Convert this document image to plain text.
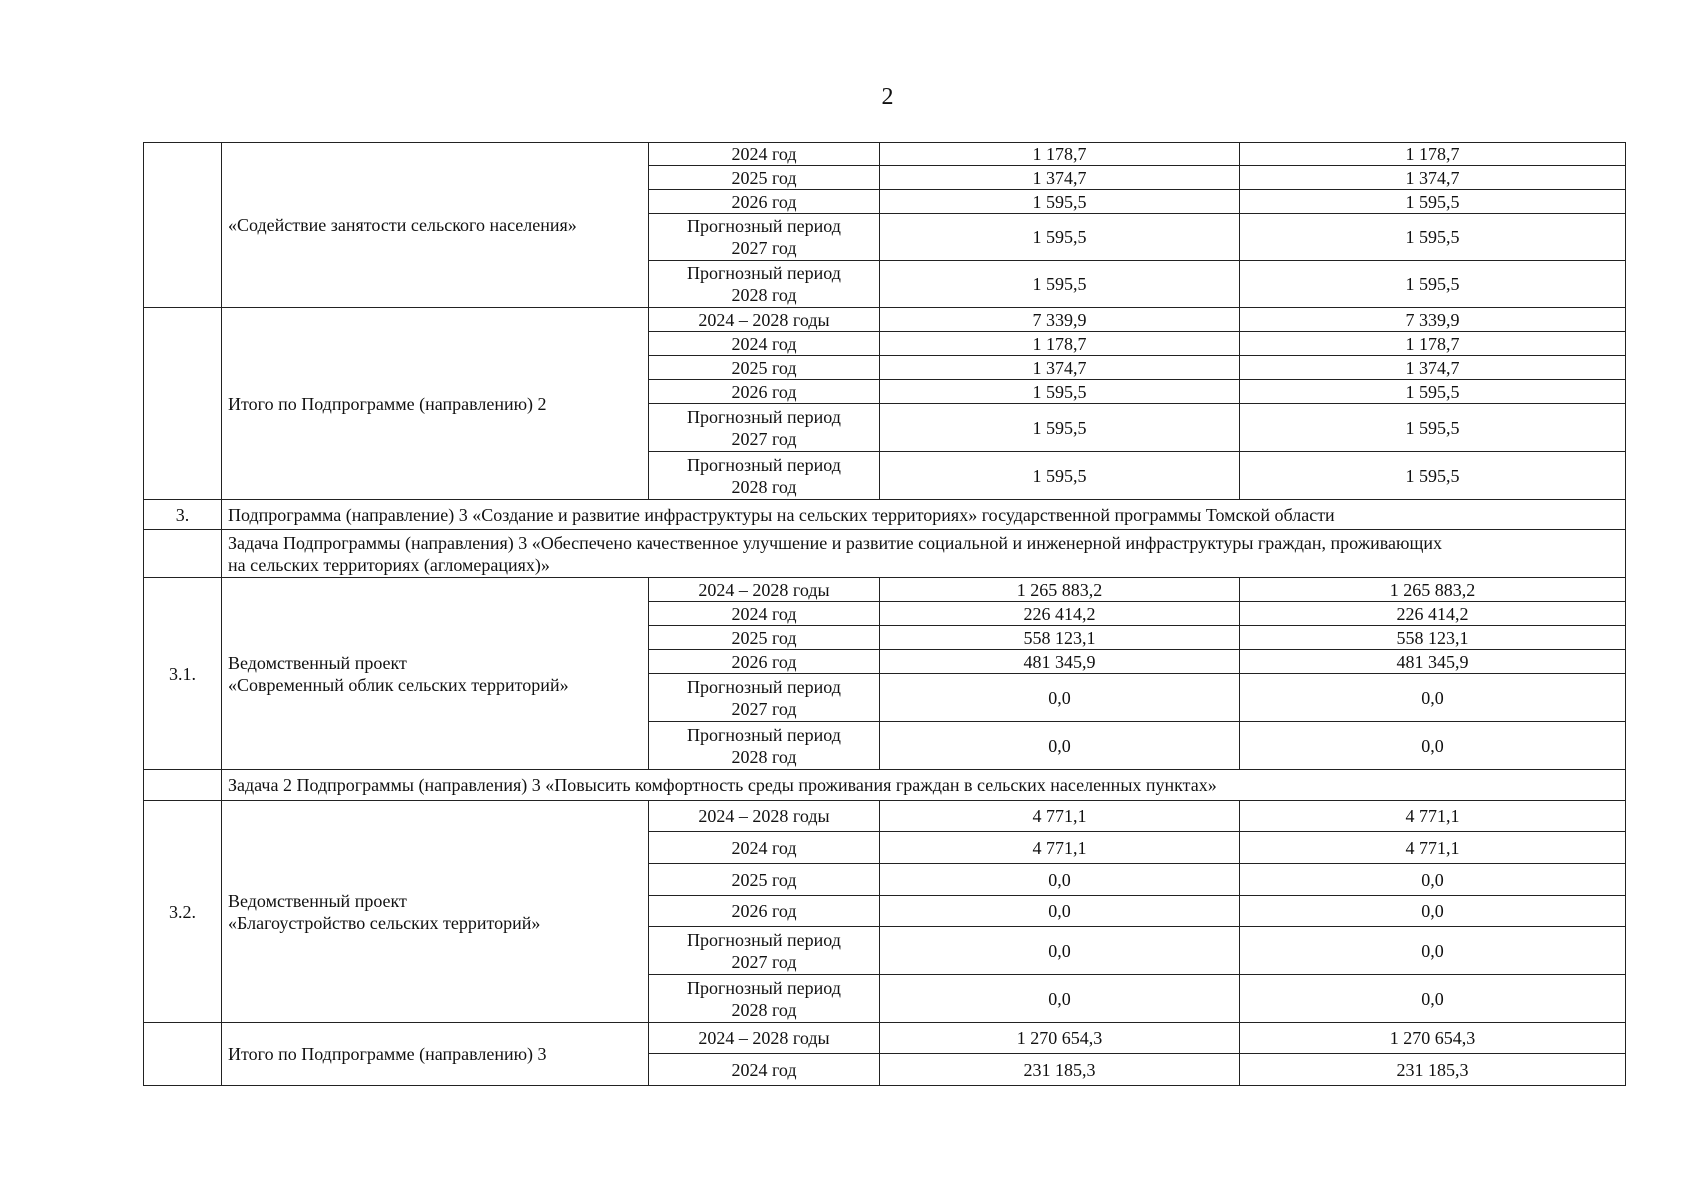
2

	«Содействие занятости сельского населения»	2024 год	1 178,7	1 178,7

		2025 год	1 374,7	1 374,7

		2026 год	1 595,5	1 595,5

		Прогнозный период
2027 год	1 595,5	1 595,5

		Прогнозный период
2028 год	1 595,5	1 595,5

	Итого по Подпрограмме (направлению) 2	2024 – 2028 годы	7 339,9	7 339,9

		2024 год	1 178,7	1 178,7

		2025 год	1 374,7	1 374,7

		2026 год	1 595,5	1 595,5

		Прогнозный период
2027 год	1 595,5	1 595,5

		Прогнозный период
2028 год	1 595,5	1 595,5
3.	Подпрограмма (направление) 3 «Создание и развитие инфраструктуры на сельских территориях» государственной программы Томской области			

	Задача Подпрограммы (направления) 3 «Обеспечено качественное улучшение и развитие социальной и инженерной инфраструктуры граждан, проживающих
на сельских территориях (агломерациях)»			

3.1.	Ведомственный проект
«Современный облик сельских территорий»	2024 – 2028 годы	1 265 883,2	1 265 883,2

		2024 год	226 414,2	226 414,2

		2025 год	558 123,1	558 123,1

		2026 год	481 345,9	481 345,9

		Прогнозный период
2027 год	0,0	0,0

		Прогнозный период
2028 год	0,0	0,0

	Задача 2 Подпрограммы (направления) 3 «Повысить комфортность среды проживания граждан в сельских населенных пунктах»			

3.2.	Ведомственный проект
«Благоустройство сельских территорий»	2024 – 2028 годы	4 771,1	4 771,1

		2024 год	4 771,1	4 771,1

		2025 год	0,0	0,0

		2026 год	0,0	0,0

		Прогнозный период
2027 год	0,0	0,0

		Прогнозный период
2028 год	0,0	0,0

	Итого по Подпрограмме (направлению) 3	2024 – 2028 годы	1 270 654,3	1 270 654,3

		2024 год	231 185,3	231 185,3
